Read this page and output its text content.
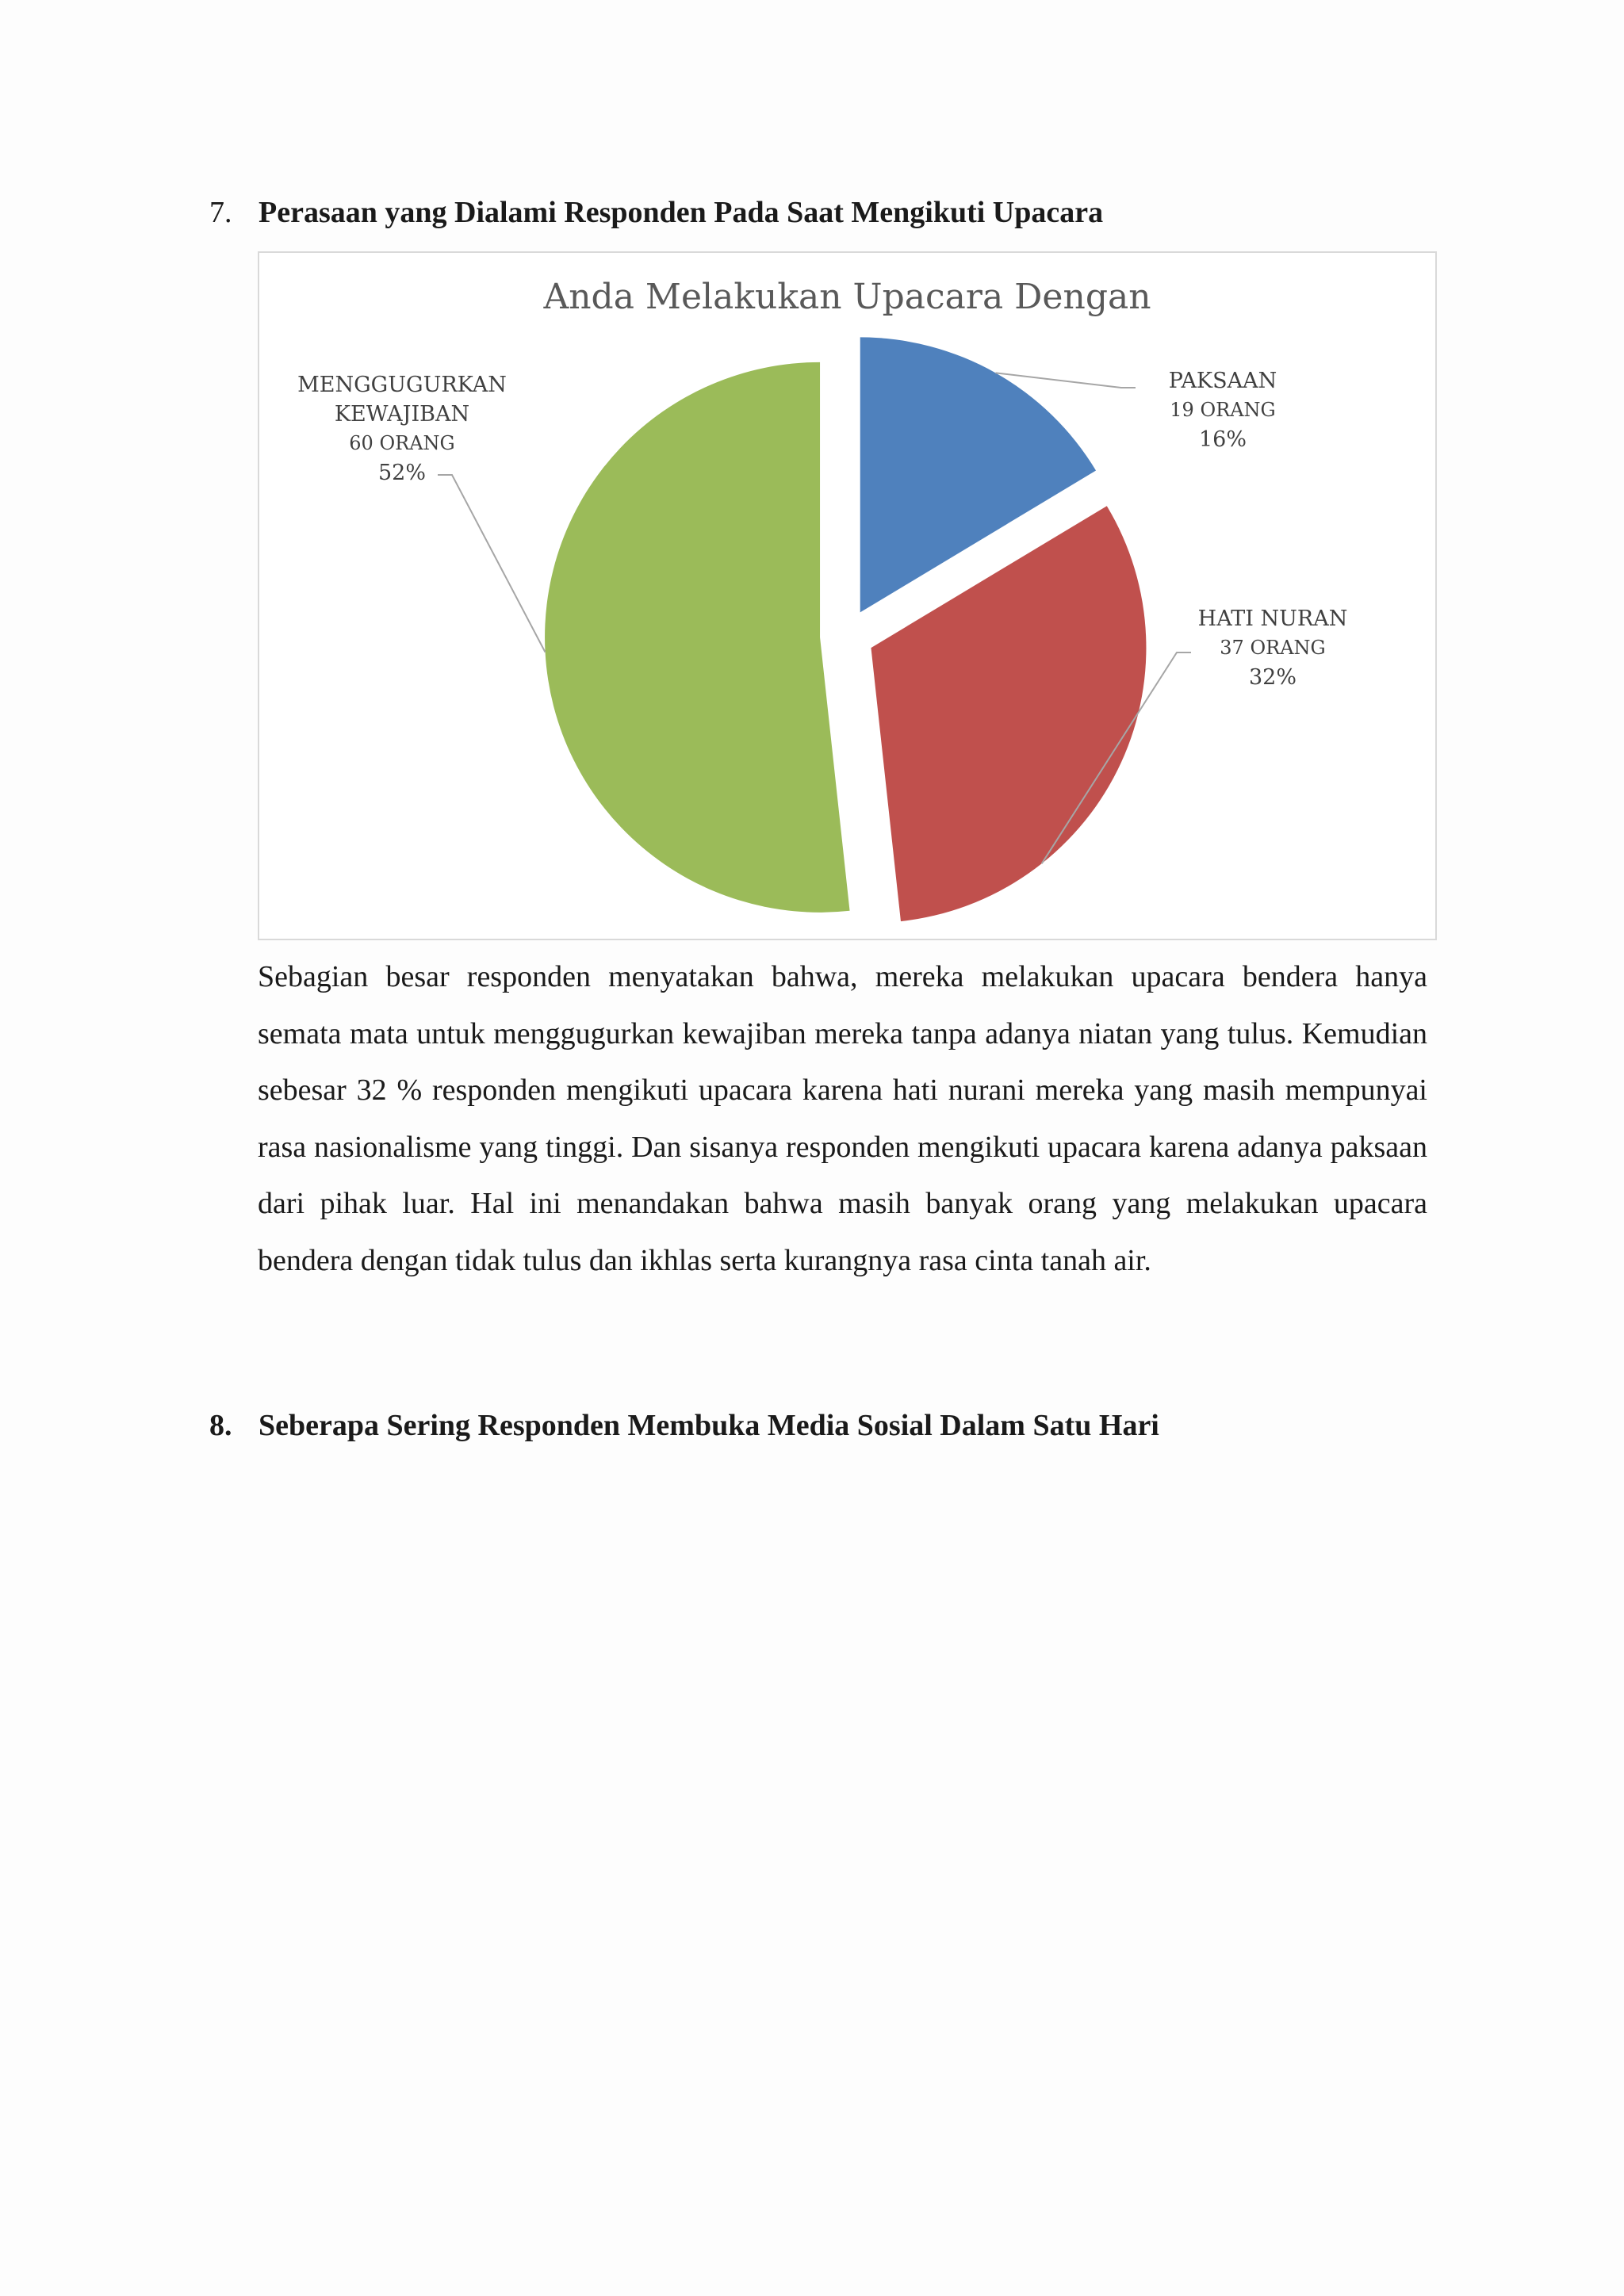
7. Perasaan yang Dialami Responden Pada Saat Mengikuti Upacara
Anda Melakukan Upacara Dengan
PAKSAAN
19 ORANG
16%
HATI NURAN
37 ORANG
32%
MENGGUGURKAN
KEWAJIBAN
60 ORANG
52%

Sebagian besar responden menyatakan bahwa, mereka melakukan upacara bendera hanya semata mata untuk menggugurkan kewajiban mereka tanpa adanya niatan yang tulus. Kemudian sebesar 32 % responden mengikuti upacara karena hati nurani mereka yang masih mempunyai rasa nasionalisme yang tinggi. Dan sisanya responden mengikuti upacara karena adanya paksaan dari pihak luar. Hal ini menandakan bahwa masih banyak orang yang melakukan upacara bendera dengan tidak tulus dan ikhlas serta kurangnya rasa cinta tanah air.

8. Seberapa Sering Responden Membuka Media Sosial Dalam Satu Hari
